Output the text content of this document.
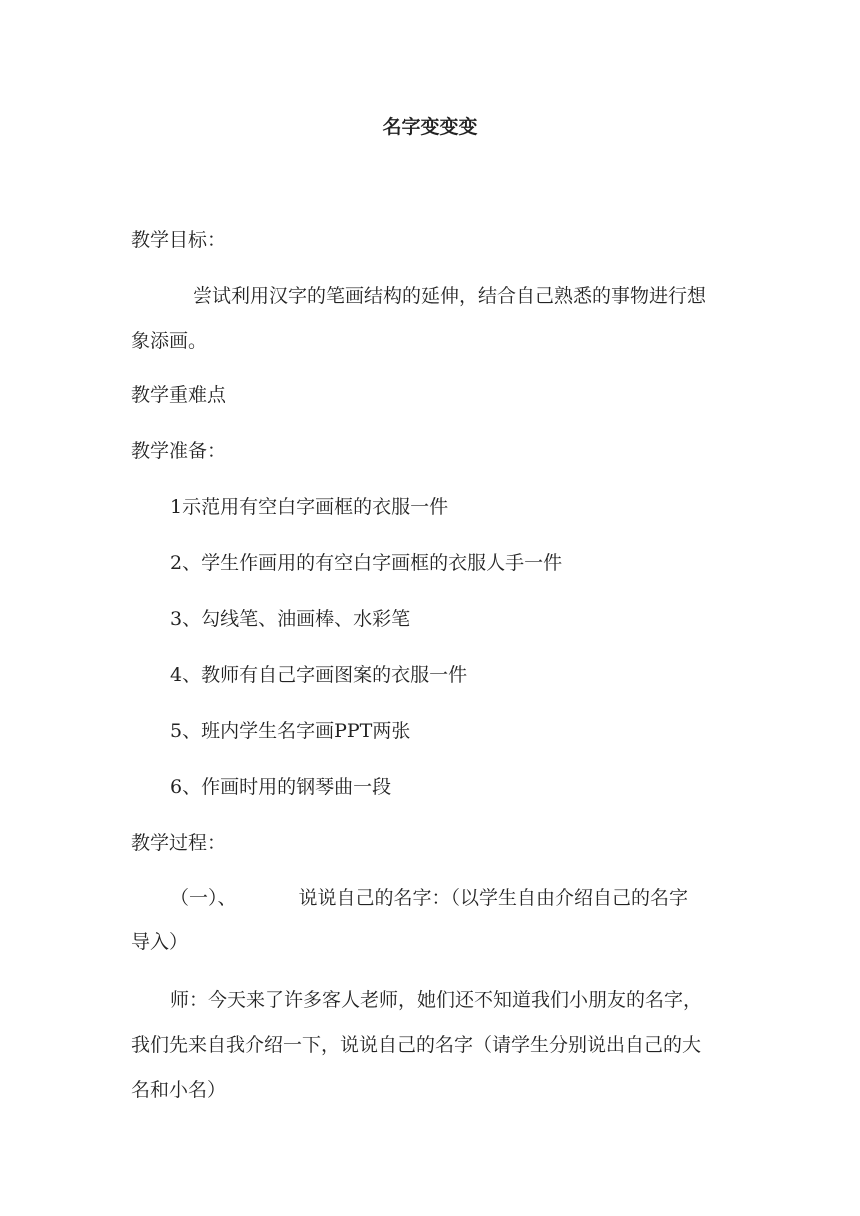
名字变变变
教学目标：
尝试利用汉字的笔画结构的延伸，结合自己熟悉的事物进行想
象添画。
教学重难点
教学准备：
1示范用有空白字画框的衣服一件
2、学生作画用的有空白字画框的衣服人手一件
3、勾线笔、油画棒、水彩笔
4、教师有自己字画图案的衣服一件
5、班内学生名字画PPT两张
6、作画时用的钢琴曲一段
教学过程：
（一）、	说说自己的名字：（以学生自由介绍自己的名字
导入）
师：今天来了许多客人老师，她们还不知道我们小朋友的名字，
我们先来自我介绍一下，说说自己的名字（请学生分别说出自己的大
名和小名）
